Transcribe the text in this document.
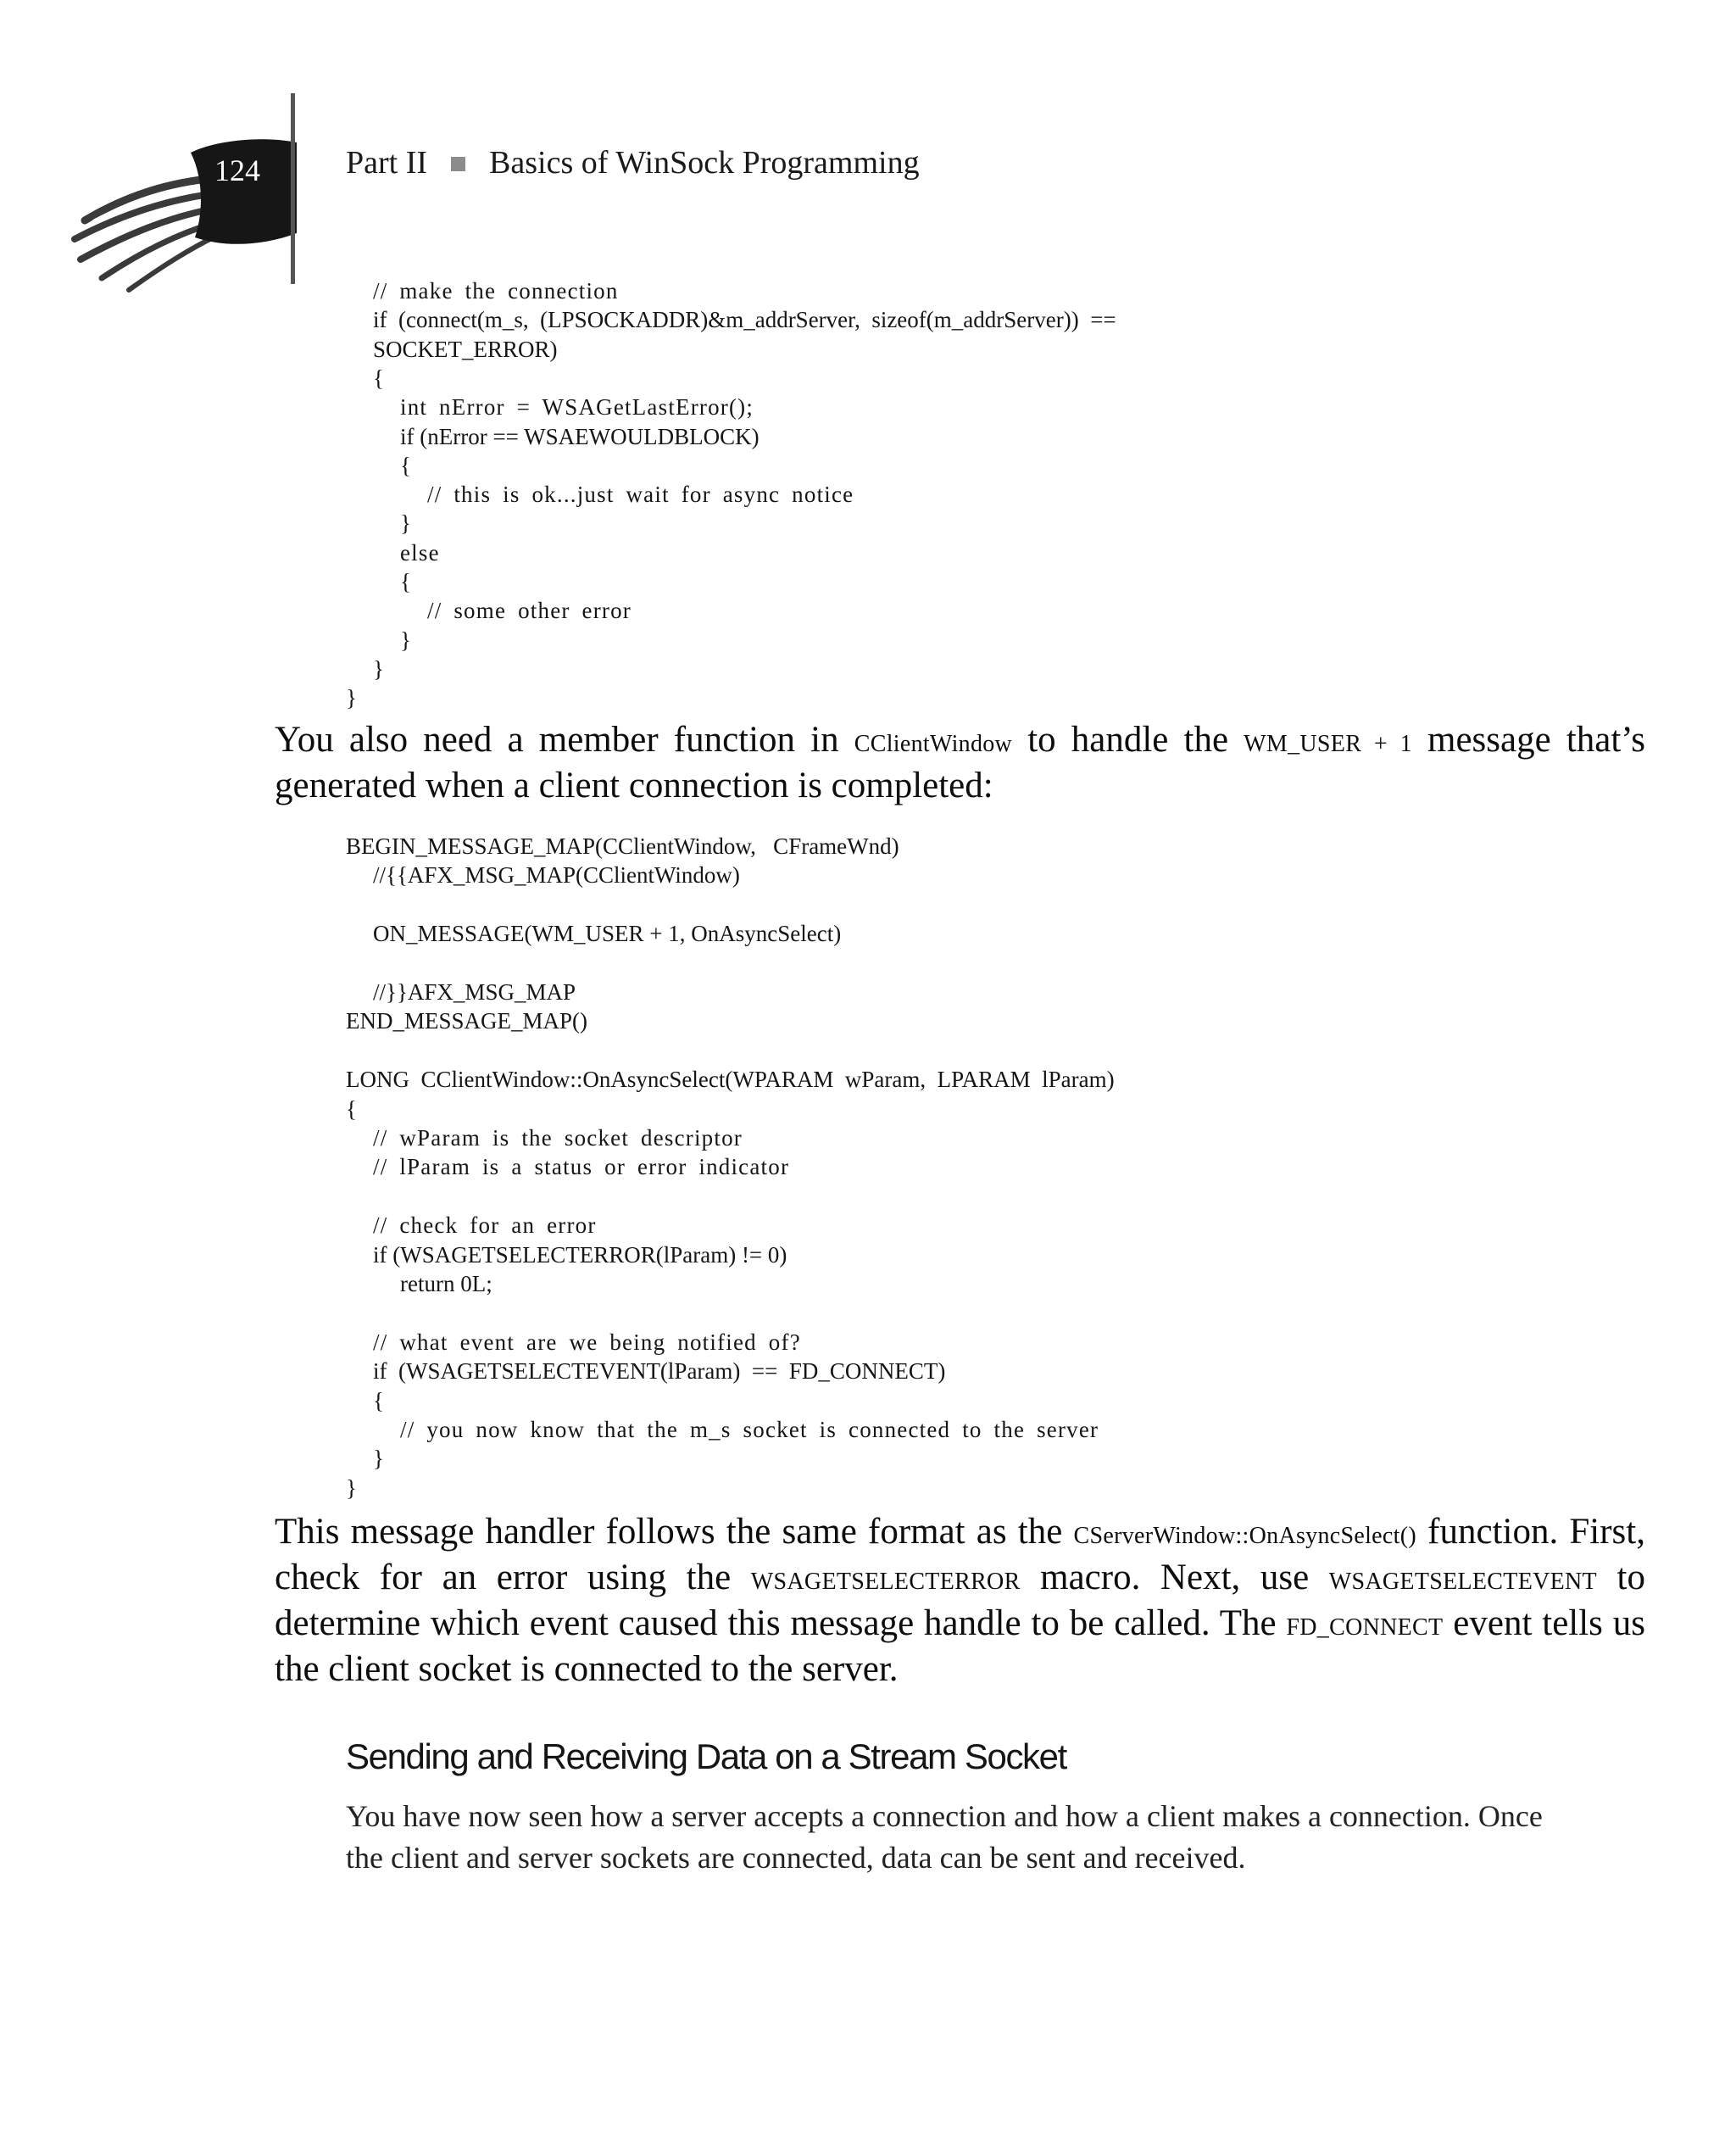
124	Part II Basics of WinSock Programming
// make the connection
if  (connect(m_s,  (LPSOCKADDR)&m_addrServer,  sizeof(m_addrServer))  ==
SOCKET_ERROR)
{
int nError = WSAGetLastError();
if (nError == WSAEWOULDBLOCK)
{
// this is ok...just wait for async notice
}
else
{
// some other error
}
}
}

You also need a member function in CClientWindow to handle the WM_USER + 1 message that’s generated when a client connection is completed:

BEGIN_MESSAGE_MAP(CClientWindow,   CFrameWnd)
//{{AFX_MSG_MAP(CClientWindow)
ON_MESSAGE(WM_USER + 1, OnAsyncSelect)
//}}AFX_MSG_MAP
END_MESSAGE_MAP()
LONG  CClientWindow::OnAsyncSelect(WPARAM  wParam,  LPARAM  lParam)
{
// wParam is the socket descriptor
// lParam is a status or error indicator
// check for an error
if (WSAGETSELECTERROR(lParam) != 0)
return 0L;
// what event are we being notified of?
if  (WSAGETSELECTEVENT(lParam)  ==  FD_CONNECT)
{
// you now know that the m_s socket is connected to the server
}
}

This message handler follows the same format as the CServerWindow::OnAsyncSelect() function. First, check for an error using the WSAGETSELECTERROR macro. Next, use WSAGETSELECTEVENT to determine which event caused this message handle to be called. The FD_CONNECT event tells us the client socket is connected to the server.

Sending and Receiving Data on a Stream Socket

You have now seen how a server accepts a connection and how a client makes a connection. Once the client and server sockets are connected, data can be sent and received.
